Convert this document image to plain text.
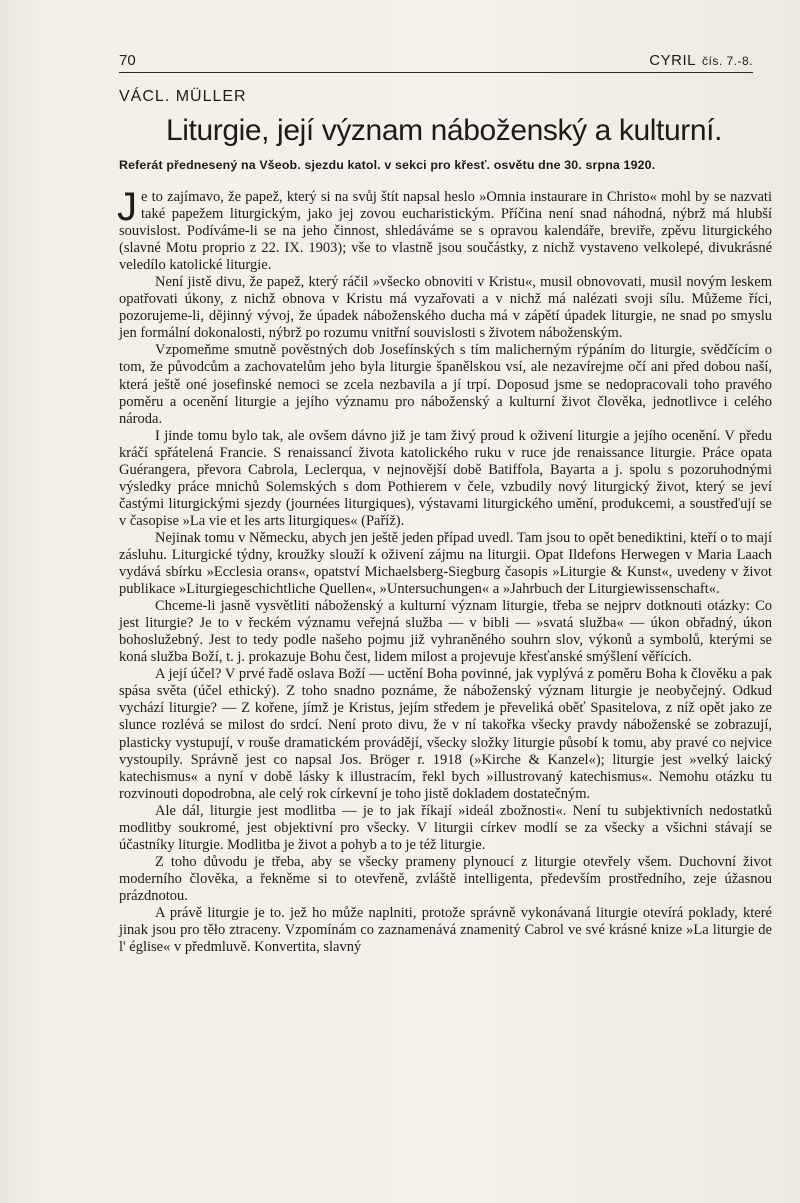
70	CYRIL čís. 7.-8.
VÁCL. MÜLLER
Liturgie, její význam náboženský a kulturní.
Referát přednesený na Všeob. sjezdu katol. v sekci pro křesť. osvětu dne 30. srpna 1920.

Je to zajímavo, že papež, který si na svůj štít napsal heslo »Omnia instaurare in Christo« mohl by se nazvati také papežem liturgickým, jako jej zovou eucharistickým. Příčina není snad náhodná, nýbrž má hlubší souvislost. Podíváme-li se na jeho činnost, shledáváme se s opravou kalendáře, breviře, zpěvu liturgického (slavné Motu proprio z 22. IX. 1903); vše to vlastně jsou součástky, z nichž vystaveno velkolepé, divukrásné veledílo katolické liturgie.

Není jistě divu, že papež, který ráčil »všecko obnoviti v Kristu«, musil obnovovati, musil novým leskem opatřovati úkony, z nichž obnova v Kristu má vyzařovati a v nichž má nalézati svoji sílu. Můžeme říci, pozorujeme-li, dějinný vývoj, že úpadek náboženského ducha má v zápětí úpadek liturgie, ne snad po smyslu jen formální dokonalosti, nýbrž po rozumu vnitřní souvislosti s životem náboženským.

Vzpomeňme smutně pověstných dob Josefínských s tím malicherným rýpáním do liturgie, svědčícím o tom, že původcům a zachovatelům jeho byla liturgie španělskou vsí, ale nezavírejme očí ani před dobou naší, která ještě oné josefinské nemoci se zcela nezbavila a jí trpí. Doposud jsme se nedopracovali toho pravého poměru a ocenění liturgie a jejího významu pro náboženský a kulturní život člověka, jednotlivce i celého národa.

I jinde tomu bylo tak, ale ovšem dávno již je tam živý proud k oživení liturgie a jejího ocenění. V předu kráčí spřátelená Francie. S renaissancí života katolického ruku v ruce jde renaissance liturgie. Práce opata Guérangera, převora Cabrola, Leclerqua, v nejnovější době Batiffola, Bayarta a j. spolu s pozoruhodnými výsledky práce mnichů Solemských s dom Pothierem v čele, vzbudily nový liturgický život, který se jeví častými liturgickými sjezdy (journées liturgiques), výstavami liturgického umění, produkcemi, a soustřeďují se v časopise »La vie et les arts liturgiques« (Paříž).

Nejinak tomu v Německu, abych jen ještě jeden případ uvedl. Tam jsou to opět benediktini, kteří o to mají zásluhu. Liturgické týdny, kroužky slouží k oživení zájmu na liturgii. Opat Ildefons Herwegen v Maria Laach vydává sbírku »Ecclesia orans«, opatství Michaelsberg-Siegburg časopis »Liturgie & Kunst«, uvedeny v život publikace »Liturgiegeschichtliche Quellen«, »Untersuchungen« a »Jahrbuch der Liturgiewissenschaft«.

Chceme-li jasně vysvětliti náboženský a kulturní význam liturgie, třeba se nejprv dotknouti otázky: Co jest liturgie? Je to v řeckém významu veřejná služba — v bibli — »svatá služba« — úkon obřadný, úkon bohoslužebný. Jest to tedy podle našeho pojmu již vyhraněného souhrn slov, výkonů a symbolů, kterými se koná služba Boží, t. j. prokazuje Bohu čest, lidem milost a projevuje křesťanské smýšlení věřících.

A její účel? V prvé řadě oslava Boží — uctění Boha povinné, jak vyplývá z poměru Boha k člověku a pak spása světa (účel ethický). Z toho snadno poznáme, že náboženský význam liturgie je neobyčejný. Odkud vychází liturgie? — Z kořene, jímž je Kristus, jejím středem je převeliká oběť Spasitelova, z níž opět jako ze slunce rozlévá se milost do srdcí. Není proto divu, že v ní takořka všecky pravdy náboženské se zobrazují, plasticky vystupují, v rouše dramatickém provádějí, všecky složky liturgie působí k tomu, aby pravé co nejvice vystoupily. Správně jest co napsal Jos. Bröger r. 1918 (»Kirche & Kanzel«); liturgie jest »velký laický katechismus« a nyní v době lásky k illustracím, řekl bych »illustrovaný katechismus«. Nemohu otázku tu rozvinouti dopodrobna, ale celý rok církevní je toho jistě dokladem dostatečným.

Ale dál, liturgie jest modlitba — je to jak říkají »ideál zbožnosti«. Není tu subjektivních nedostatků modlitby soukromé, jest objektivní pro všecky. V liturgii církev modlí se za všecky a všichni stávají se účastníky liturgie. Modlitba je život a pohyb a to je též liturgie.

Z toho důvodu je třeba, aby se všecky prameny plynoucí z liturgie otevřely všem. Duchovní život moderního člověka, a řekněme si to otevřeně, zvláště intelligenta, především prostředního, zeje úžasnou prázdnotou.

A právě liturgie je to. jež ho může naplniti, protože správně vykonávaná liturgie otevírá poklady, které jinak jsou pro těło ztraceny. Vzpomínám co zaznamenává znamenitý Cabrol ve své krásné knize »La liturgie de l' église« v předmluvě. Konvertita, slavný
